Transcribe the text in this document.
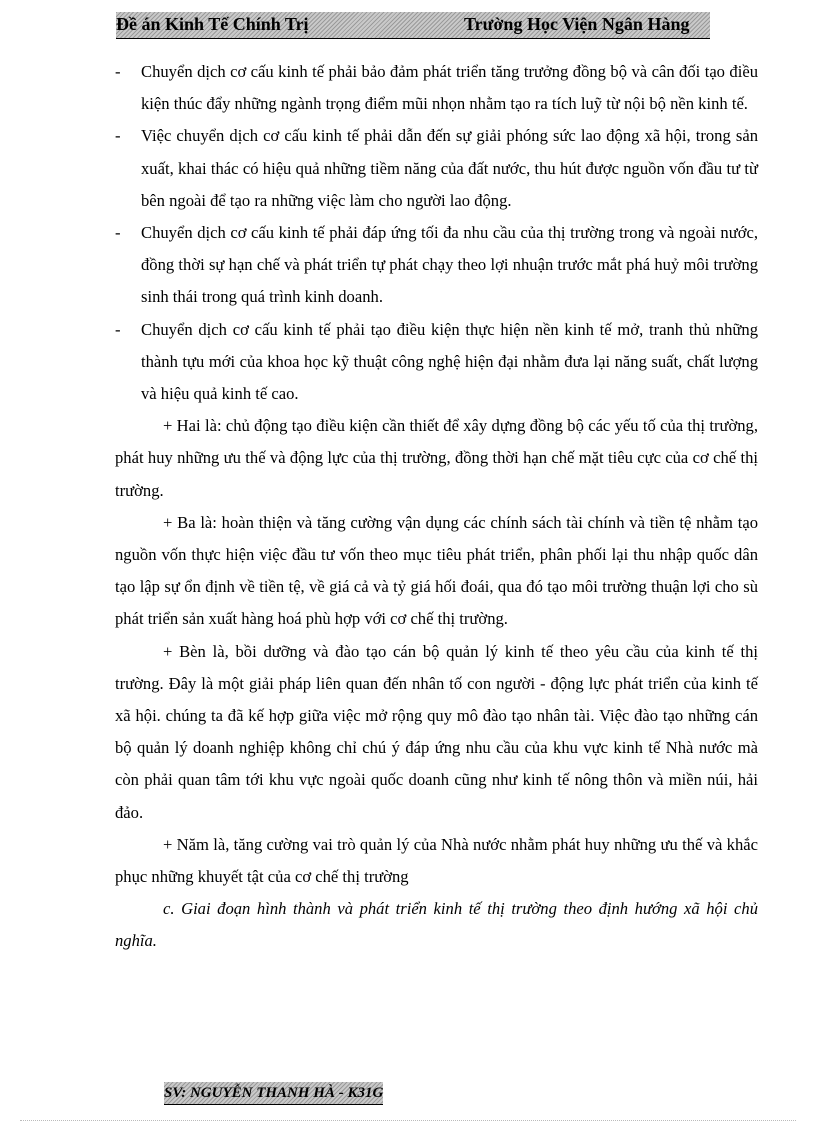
Đề án Kinh Tế Chính Trị	Trường Học Viện Ngân Hàng
- Chuyển dịch cơ cấu kinh tế phải bảo đảm phát triển tăng trưởng đồng bộ và cân đối tạo điều kiện thúc đẩy những ngành trọng điểm mũi nhọn nhằm tạo ra tích luỹ từ nội bộ nền kinh tế.
- Việc chuyển dịch cơ cấu kinh tế phải dẫn đến sự giải phóng sức lao động xã hội, trong sản xuất, khai thác có hiệu quả những tiềm năng của đất nước, thu hút được nguồn vốn đầu tư từ bên ngoài để tạo ra những việc làm cho người lao động.
- Chuyển dịch cơ cấu kinh tế phải đáp ứng tối đa nhu cầu của thị trường trong và ngoài nước, đồng thời sự hạn chế và phát triển tự phát chạy theo lợi nhuận trước mắt phá huỷ môi trường sinh thái trong quá trình kinh doanh.
- Chuyển dịch cơ cấu kinh tế phải tạo điều kiện thực hiện nền kinh tế mở, tranh thủ những thành tựu mới của khoa học kỹ thuật công nghệ hiện đại nhằm đưa lại năng suất, chất lượng và hiệu quả kinh tế cao.
+ Hai là: chủ động tạo điều kiện cần thiết để xây dựng đồng bộ các yếu tố của thị trường, phát huy những ưu thế và động lực của thị trường, đồng thời hạn chế mặt tiêu cực của cơ chế thị trường.
+ Ba là: hoàn thiện và tăng cường vận dụng các chính sách tài chính và tiền tệ nhằm tạo nguồn vốn thực hiện việc đầu tư vốn theo mục tiêu phát triển, phân phối lại thu nhập quốc dân tạo lập sự ổn định về tiền tệ, về giá cả và tỷ giá hối đoái, qua đó tạo môi trường thuận lợi cho sù phát triển sản xuất hàng hoá phù hợp với cơ chế thị trường.
+ Bèn là, bồi dưỡng và đào tạo cán bộ quản lý kinh tế theo yêu cầu của kinh tế thị trường. Đây là một giải pháp liên quan đến nhân tố con người - động lực phát triển của kinh tế xã hội. chúng ta đã kế hợp giữa việc mở rộng quy mô đào tạo nhân tài. Việc đào tạo những cán bộ quản lý doanh nghiệp không chỉ chú ý đáp ứng nhu cầu của khu vực kinh tế Nhà nước mà còn phải quan tâm tới khu vực ngoài quốc doanh cũng như kinh tế nông thôn và miền núi, hải đảo.
+ Năm là, tăng cường vai trò quản lý của Nhà nước nhằm phát huy những ưu thế và khắc phục những khuyết tật của cơ chế thị trường
c. Giai đoạn hình thành và phát triển kinh tế thị trường theo định hướng xã hội chủ nghĩa.
SV: NGUYỄN THANH HÀ - K31G
